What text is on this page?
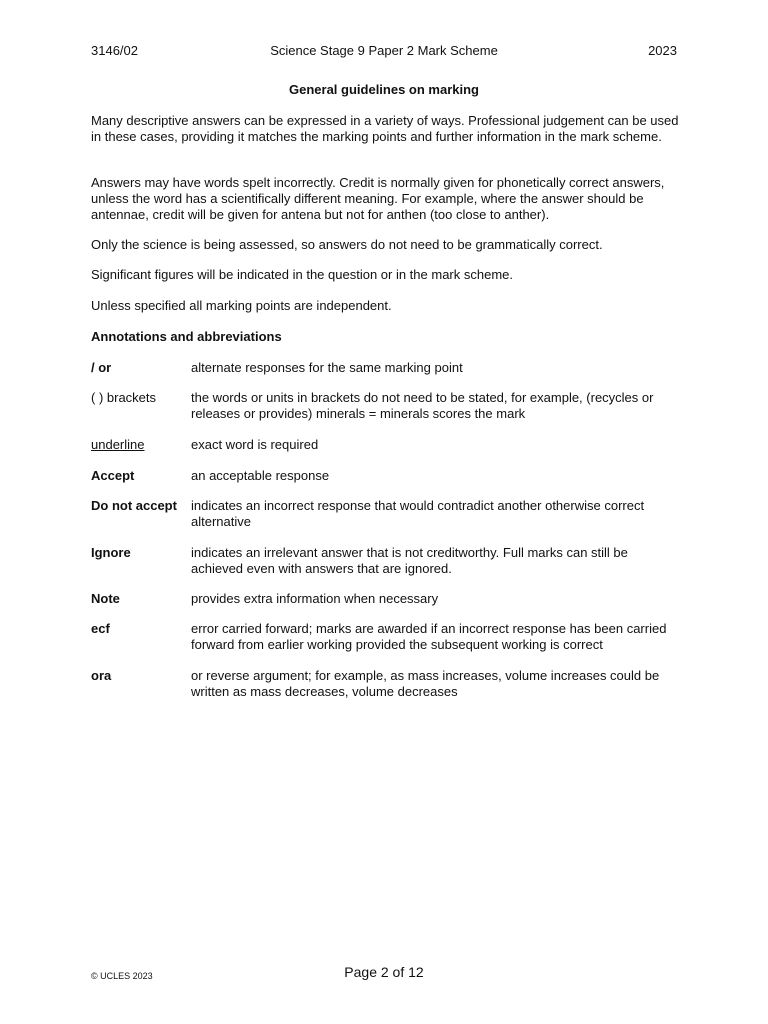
3146/02	Science Stage 9 Paper 2 Mark Scheme	2023
General guidelines on marking
Many descriptive answers can be expressed in a variety of ways. Professional judgement can be used in these cases, providing it matches the marking points and further information in the mark scheme.
Answers may have words spelt incorrectly. Credit is normally given for phonetically correct answers, unless the word has a scientifically different meaning. For example, where the answer should be antennae, credit will be given for antena but not for anthen (too close to anther).
Only the science is being assessed, so answers do not need to be grammatically correct.
Significant figures will be indicated in the question or in the mark scheme.
Unless specified all marking points are independent.
Annotations and abbreviations
/ or	alternate responses for the same marking point
( ) brackets	the words or units in brackets do not need to be stated, for example, (recycles or releases or provides) minerals = minerals scores the mark
underline	exact word is required
Accept	an acceptable response
Do not accept	indicates an incorrect response that would contradict another otherwise correct alternative
Ignore	indicates an irrelevant answer that is not creditworthy. Full marks can still be achieved even with answers that are ignored.
Note	provides extra information when necessary
ecf	error carried forward; marks are awarded if an incorrect response has been carried forward from earlier working provided the subsequent working is correct
ora	or reverse argument; for example, as mass increases, volume increases could be written as mass decreases, volume decreases
© UCLES 2023	Page 2 of 12
